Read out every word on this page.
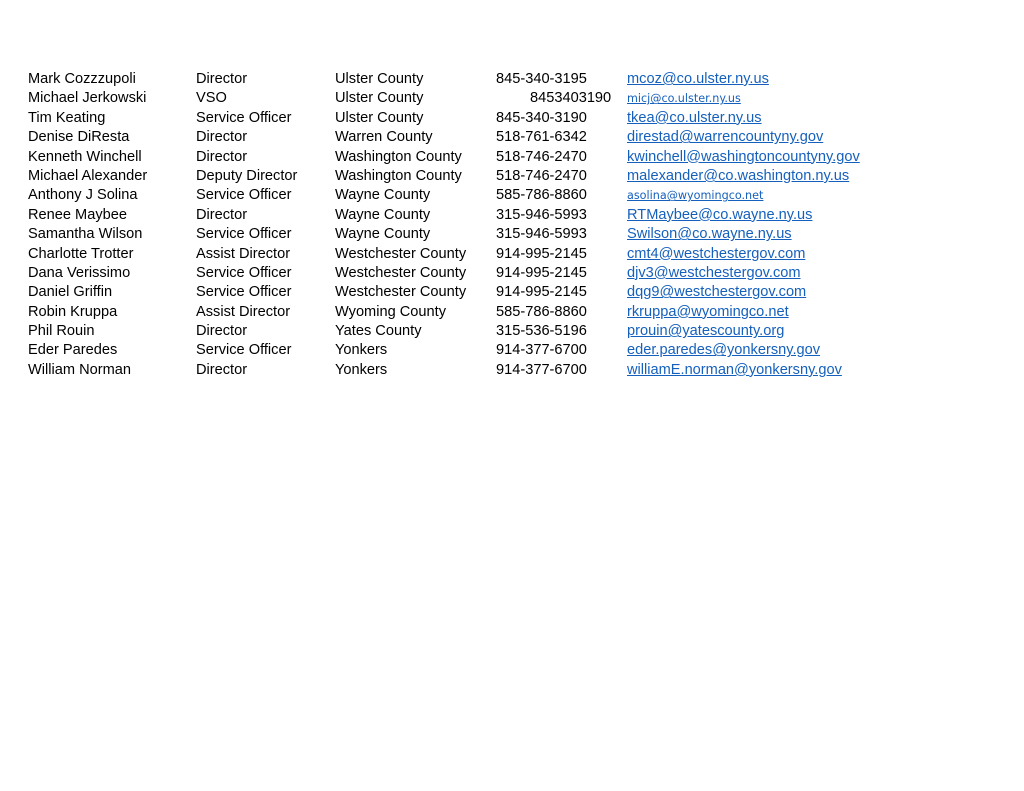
Mark Cozzzupoli	Director	Ulster County	845-340-3195	mcoz@co.ulster.ny.us
Michael Jerkowski	VSO	Ulster County	8453403190 micj@co.ulster.ny.us
Tim Keating	Service Officer	Ulster County	845-340-3190	tkea@co.ulster.ny.us
Denise DiResta	Director	Warren County	518-761-6342	direstad@warrencountyny.gov
Kenneth Winchell	Director	Washington County 518-746-2470	kwinchell@washingtoncountyny.gov
Michael Alexander	Deputy Director	Washington County 518-746-2470	malexander@co.washington.ny.us
Anthony J Solina	Service Officer	Wayne County	585-786-8860	asolina@wyomingco.net
Renee Maybee	Director	Wayne County	315-946-5993	RTMaybee@co.wayne.ny.us
Samantha Wilson	Service Officer	Wayne County	315-946-5993	Swilson@co.wayne.ny.us
Charlotte Trotter	Assist Director	Westchester County 914-995-2145	cmt4@westchestergov.com
Dana Verissimo	Service Officer	Westchester County 914-995-2145	djv3@westchestergov.com
Daniel Griffin	Service Officer	Westchester County 914-995-2145	dqg9@westchestergov.com
Robin Kruppa	Assist Director	Wyoming County	585-786-8860	rkruppa@wyomingco.net
Phil Rouin	Director	Yates County	315-536-5196	prouin@yatescounty.org
Eder Paredes	Service Officer	Yonkers	914-377-6700	eder.paredes@yonkersny.gov
William Norman	Director	Yonkers	914-377-6700	williamE.norman@yonkersny.gov
